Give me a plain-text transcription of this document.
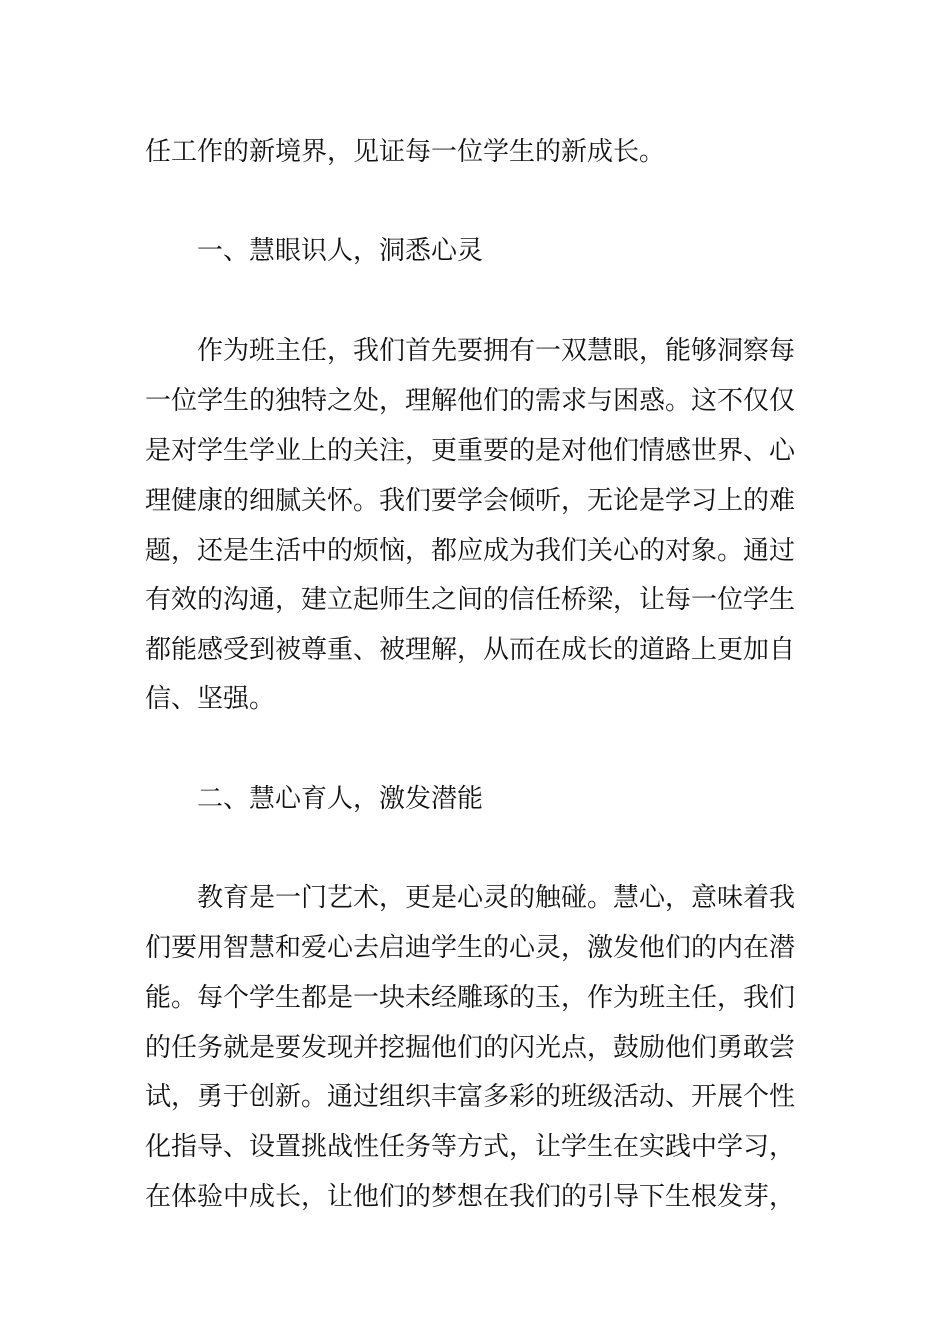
任工作的新境界，见证每一位学生的新成长。
一、慧眼识人，洞悉心灵
作为班主任，我们首先要拥有一双慧眼，能够洞察每
一位学生的独特之处，理解他们的需求与困惑。这不仅仅
是对学生学业上的关注，更重要的是对他们情感世界、心
理健康的细腻关怀。我们要学会倾听，无论是学习上的难
题，还是生活中的烦恼，都应成为我们关心的对象。通过
有效的沟通，建立起师生之间的信任桥梁，让每一位学生
都能感受到被尊重、被理解，从而在成长的道路上更加自
信、坚强。
二、慧心育人，激发潜能
教育是一门艺术，更是心灵的触碰。慧心，意味着我
们要用智慧和爱心去启迪学生的心灵，激发他们的内在潜
能。每个学生都是一块未经雕琢的玉，作为班主任，我们
的任务就是要发现并挖掘他们的闪光点，鼓励他们勇敢尝
试，勇于创新。通过组织丰富多彩的班级活动、开展个性
化指导、设置挑战性任务等方式，让学生在实践中学习，
在体验中成长，让他们的梦想在我们的引导下生根发芽，
